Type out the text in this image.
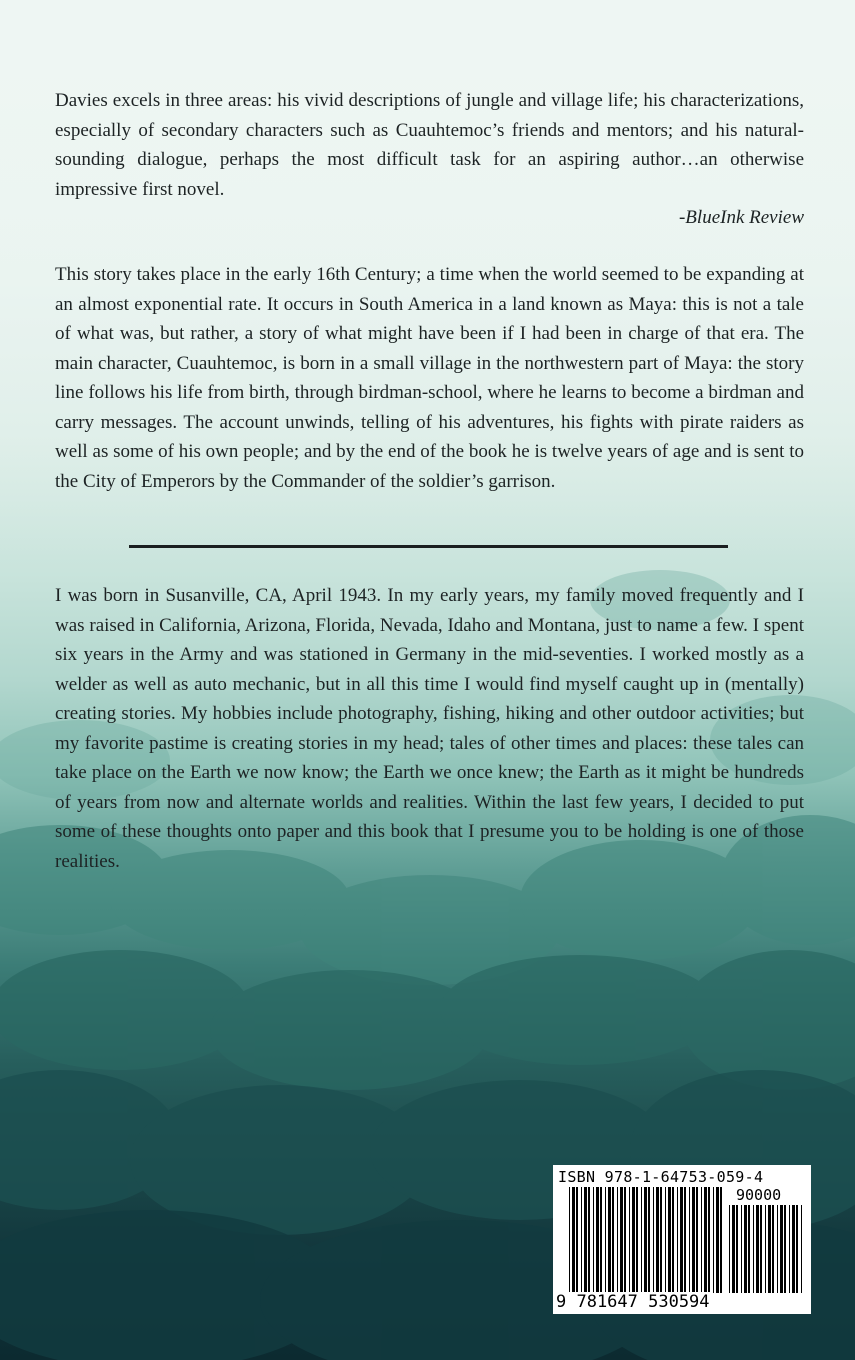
Davies excels in three areas: his vivid descriptions of jungle and village life; his characterizations, especially of secondary characters such as Cuauhtemoc’s friends and mentors; and his natural-sounding dialogue, perhaps the most difficult task for an aspiring author…an otherwise impressive first novel.

-BlueInk Review

This story takes place in the early 16th Century; a time when the world seemed to be expanding at an almost exponential rate. It occurs in South America in a land known as Maya: this is not a tale of what was, but rather, a story of what might have been if I had been in charge of that era. The main character, Cuauhtemoc, is born in a small village in the northwestern part of Maya: the story line follows his life from birth, through birdman-school, where he learns to become a birdman and carry messages. The account unwinds, telling of his adventures, his fights with pirate raiders as well as some of his own people; and by the end of the book he is twelve years of age and is sent to the City of Emperors by the Commander of the soldier’s garrison.

I was born in Susanville, CA, April 1943. In my early years, my family moved frequently and I was raised in California, Arizona, Florida, Nevada, Idaho and Montana, just to name a few. I spent six years in the Army and was stationed in Germany in the mid-seventies. I worked mostly as a welder as well as auto mechanic, but in all this time I would find myself caught up in (mentally) creating stories. My hobbies include photography, fishing, hiking and other outdoor activities; but my favorite pastime is creating stories in my head; tales of other times and places: these tales can take place on the Earth we now know; the Earth we once knew; the Earth as it might be hundreds of years from now and alternate worlds and realities. Within the last few years, I decided to put some of these thoughts onto paper and this book that I presume you to be holding is one of those realities.

ISBN 978-1-64753-059-4
90000
9 781647 530594
